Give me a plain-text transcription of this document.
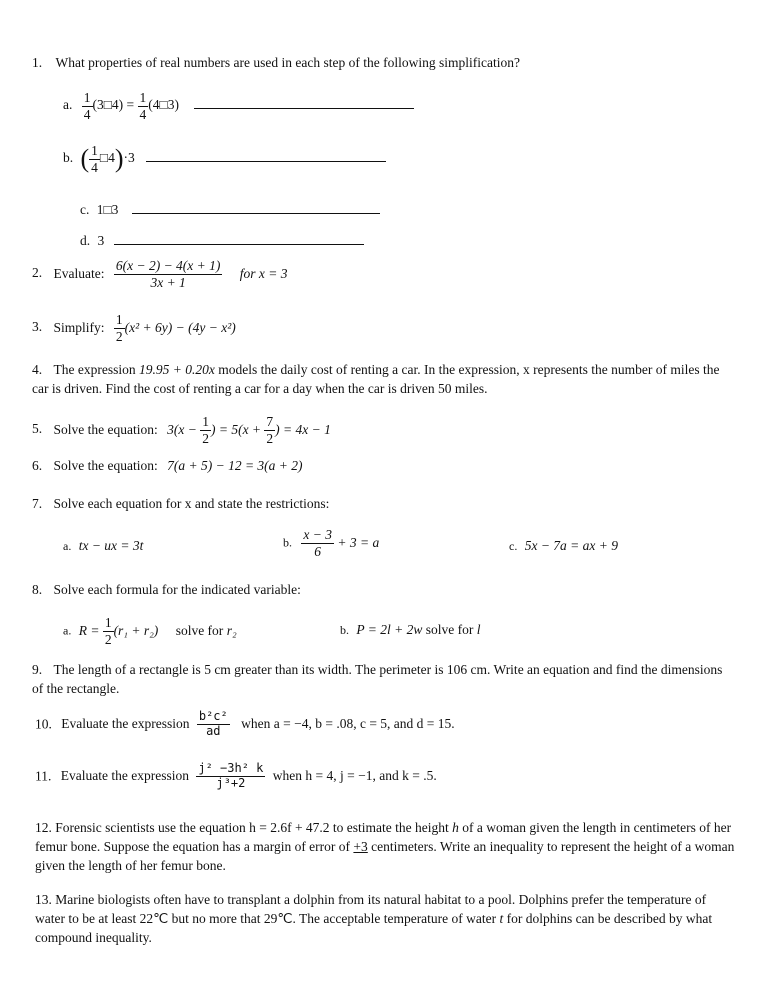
1. What properties of real numbers are used in each step of the following simplification?
a. $\frac{1}{4}$ (3□4) = $\frac{1}{4}$ (4□3)
b. ( $\frac{1}{4}$ □4)·3
c. 1□3
d. 3
2. Evaluate: $\frac{6(x - 2) - 4(x + 1)}{3x + 1}$ for x = 3
3. Simplify: $\frac{1}{2} (x^2 + 6y) - (4y - x^2)$
4. The expression 19.95 + 0.20x models the daily cost of renting a car. In the expression, x represents the number of miles the car is driven. Find the cost of renting a car for a day when the car is driven 50 miles.
5. Solve the equation: $3(x - \frac{1}{2}$ ) = $5(x + \frac{7}{2}$ ) = 4x − 1
6. Solve the equation: 7(a + 5) − 12 = 3(a + 2)
7. Solve each equation for x and state the restrictions:
a. tx − ux = 3t	b. $\frac{x - 3}{6} + 3 = a$	c. 5x − 7a = ax + 9
8. Solve each formula for the indicated variable:
a. $R = \frac{1}{2} (r_1 + r_2)$ solve for r₂	b. P = 2l + 2w solve for l
9. The length of a rectangle is 5 cm greater than its width. The perimeter is 106 cm. Write an equation and find the dimensions of the rectangle.
10. Evaluate the expression $\frac{\text{b²c²}}{ad}$ when a = −4, b = .08, c = 5, and d = 15.
11. Evaluate the expression $\frac{\text{j² −3h² k}}{\text{j³+2}}$ when h = 4, j = −1, and k = .5.
12. Forensic scientists use the equation h = 2.6f + 47.2 to estimate the height h of a woman given the length in centimeters of her femur bone. Suppose the equation has a margin of error of +3 centimeters. Write an inequality to represent the height of a woman given the length of her femur bone.
13. Marine biologists often have to transplant a dolphin from its natural habitat to a pool. Dolphins prefer the temperature of water to be at least 22℃ but no more that 29℃. The acceptable temperature of water t for dolphins can be described by what compound inequality.
